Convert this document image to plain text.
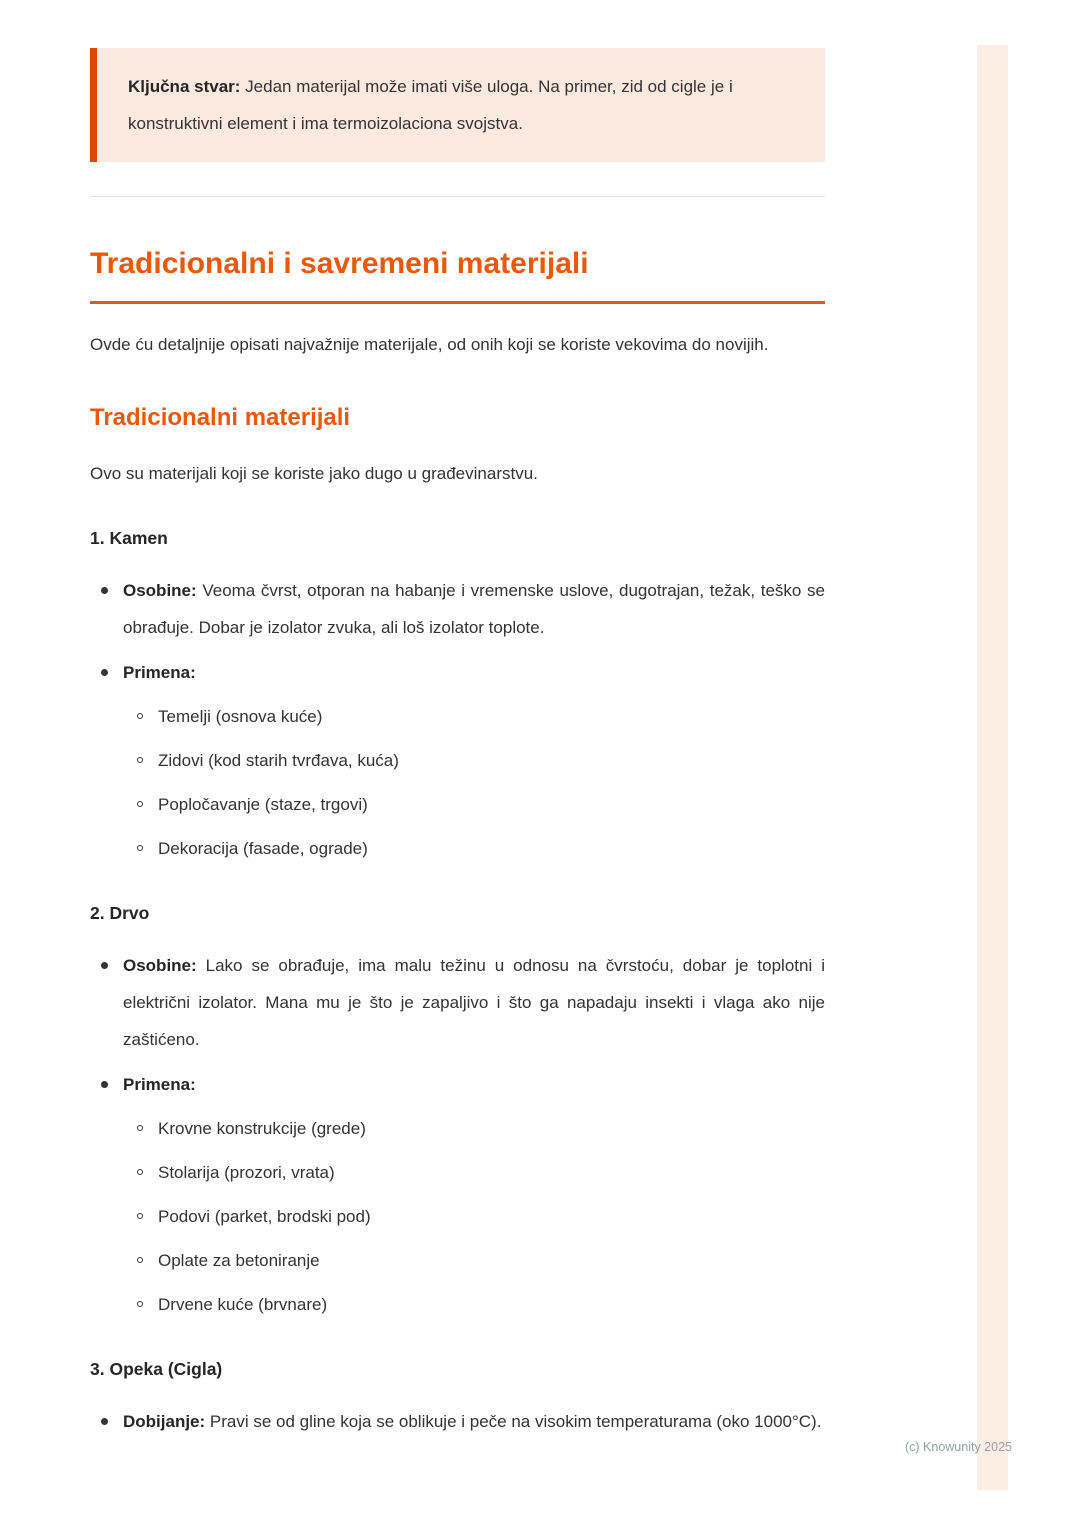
Ključna stvar: Jedan materijal može imati više uloga. Na primer, zid od cigle je i konstruktivni element i ima termoizolaciona svojstva.

Tradicionalni i savremeni materijali

Ovde ću detaljnije opisati najvažnije materijale, od onih koji se koriste vekovima do novijih.

Tradicionalni materijali

Ovo su materijali koji se koriste jako dugo u građevinarstvu.

1. Kamen
Osobine: Veoma čvrst, otporan na habanje i vremenske uslove, dugotrajan, težak, teško se obrađuje. Dobar je izolator zvuka, ali loš izolator toplote.
Primena:
Temelji (osnova kuće)
Zidovi (kod starih tvrđava, kuća)
Popločavanje (staze, trgovi)
Dekoracija (fasade, ograde)
2. Drvo
Osobine: Lako se obrađuje, ima malu težinu u odnosu na čvrstoću, dobar je toplotni i električni izolator. Mana mu je što je zapaljivo i što ga napadaju insekti i vlaga ako nije zaštićeno.
Primena:
Krovne konstrukcije (grede)
Stolarija (prozori, vrata)
Podovi (parket, brodski pod)
Oplate za betoniranje
Drvene kuće (brvnare)
3. Opeka (Cigla)
Dobijanje: Pravi se od gline koja se oblikuje i peče na visokim temperaturama (oko 1000°C).
(c) Knowunity 2025
